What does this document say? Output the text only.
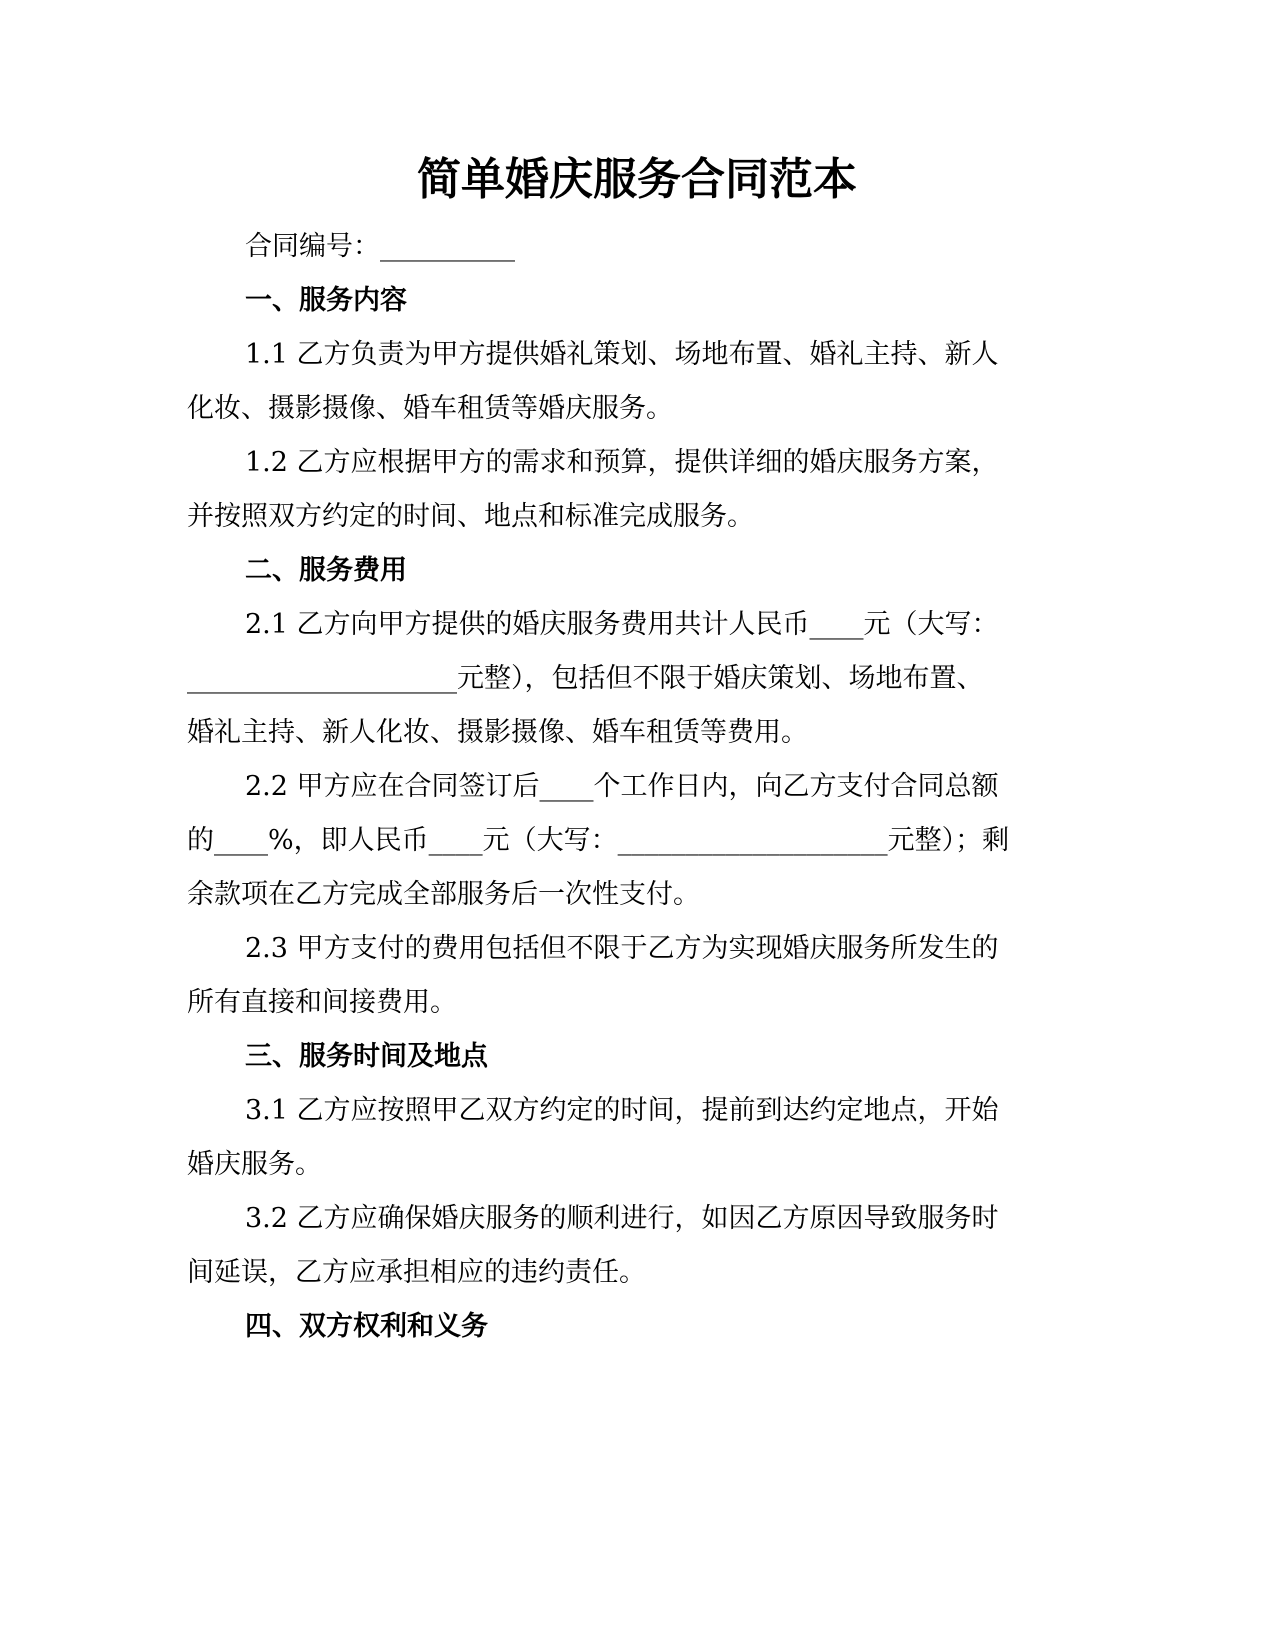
简单婚庆服务合同范本
合同编号：__________
一、服务内容
1.1 乙方负责为甲方提供婚礼策划、场地布置、婚礼主持、新人
化妆、摄影摄像、婚车租赁等婚庆服务。
1.2 乙方应根据甲方的需求和预算，提供详细的婚庆服务方案，
并按照双方约定的时间、地点和标准完成服务。
二、服务费用
2.1 乙方向甲方提供的婚庆服务费用共计人民币____元（大写：
____________________元整），包括但不限于婚庆策划、场地布置、
婚礼主持、新人化妆、摄影摄像、婚车租赁等费用。
2.2 甲方应在合同签订后____个工作日内，向乙方支付合同总额
的____%，即人民币____元（大写：____________________元整）；剩
余款项在乙方完成全部服务后一次性支付。
2.3 甲方支付的费用包括但不限于乙方为实现婚庆服务所发生的
所有直接和间接费用。
三、服务时间及地点
3.1 乙方应按照甲乙双方约定的时间，提前到达约定地点，开始
婚庆服务。
3.2 乙方应确保婚庆服务的顺利进行，如因乙方原因导致服务时
间延误，乙方应承担相应的违约责任。
四、双方权利和义务
